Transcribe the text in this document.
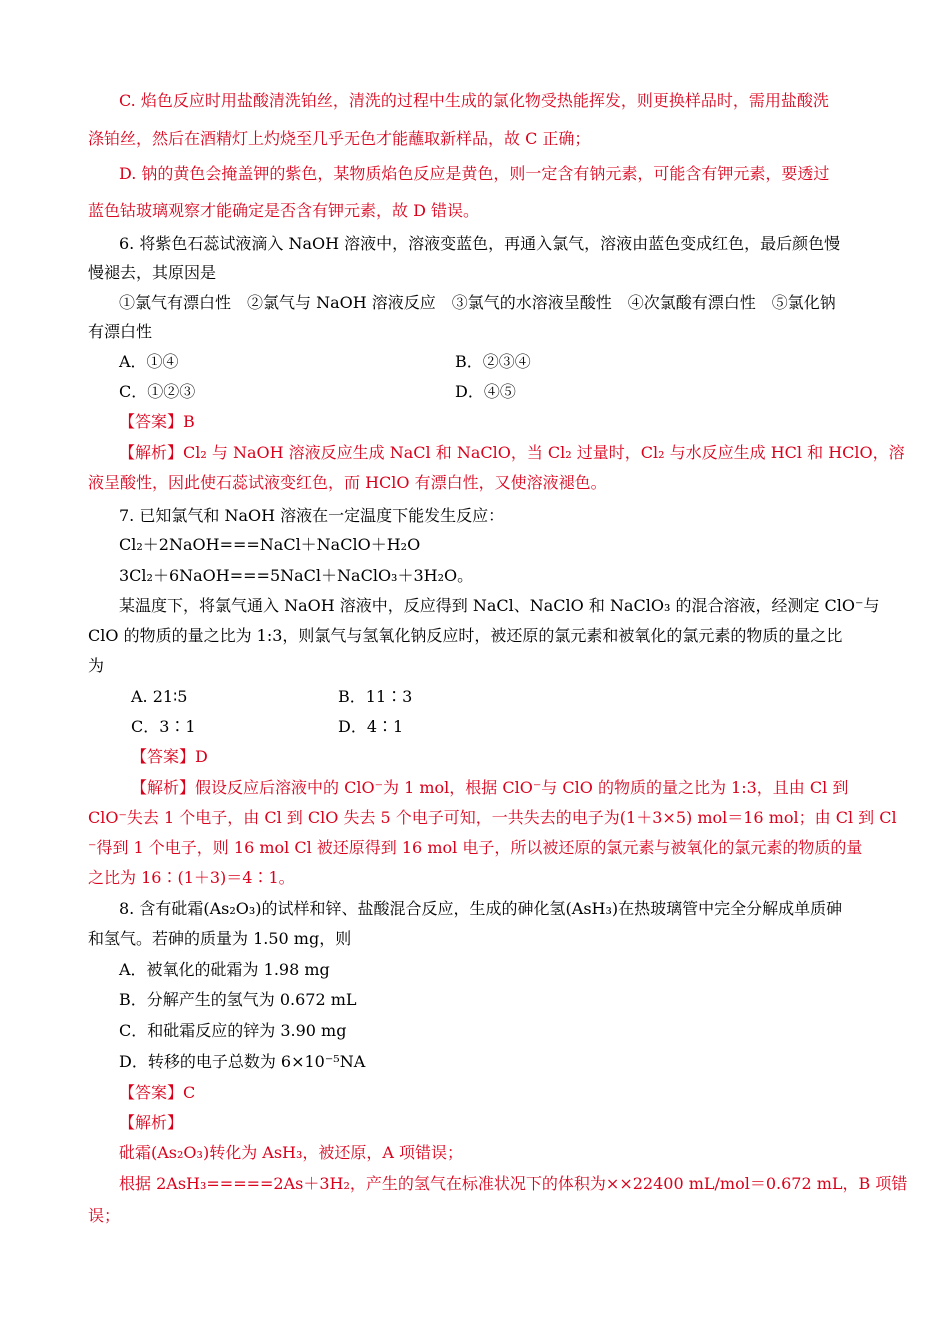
C. 焰色反应时用盐酸清洗铂丝，清洗的过程中生成的氯化物受热能挥发，则更换样品时，需用盐酸洗
涤铂丝，然后在酒精灯上灼烧至几乎无色才能蘸取新样品，故 C 正确；
D. 钠的黄色会掩盖钾的紫色，某物质焰色反应是黄色，则一定含有钠元素，可能含有钾元素，要透过
蓝色钴玻璃观察才能确定是否含有钾元素，故 D 错误。
6. 将紫色石蕊试液滴入 NaOH 溶液中，溶液变蓝色，再通入氯气，溶液由蓝色变成红色，最后颜色慢
慢褪去，其原因是
①氯气有漂白性　②氯气与 NaOH 溶液反应　③氯气的水溶液呈酸性　④次氯酸有漂白性　⑤氯化钠
有漂白性
A．①④	B．②③④
C．①②③	D．④⑤
【答案】B
【解析】Cl₂ 与 NaOH 溶液反应生成 NaCl 和 NaClO，当 Cl₂ 过量时，Cl₂ 与水反应生成 HCl 和 HClO，溶
液呈酸性，因此使石蕊试液变红色，而 HClO 有漂白性，又使溶液褪色。
7. 已知氯气和 NaOH 溶液在一定温度下能发生反应：
Cl₂＋2NaOH===NaCl＋NaClO＋H₂O
3Cl₂＋6NaOH===5NaCl＋NaClO₃＋3H₂O。
某温度下，将氯气通入 NaOH 溶液中，反应得到 NaCl、NaClO 和 NaClO₃ 的混合溶液，经测定 ClO⁻与
ClO 的物质的量之比为 1:3，则氯气与氢氧化钠反应时，被还原的氯元素和被氧化的氯元素的物质的量之比
为
A. 21∶5	B．11∶3
C．3∶1	D．4∶1
【答案】D
【解析】假设反应后溶液中的 ClO⁻为 1 mol，根据 ClO⁻与 ClO 的物质的量之比为 1:3，且由 Cl 到
ClO⁻失去 1 个电子，由 Cl 到 ClO 失去 5 个电子可知，一共失去的电子为(1＋3×5) mol＝16 mol；由 Cl 到 Cl
⁻得到 1 个电子，则 16 mol Cl 被还原得到 16 mol 电子，所以被还原的氯元素与被氧化的氯元素的物质的量
之比为 16∶(1＋3)＝4∶1。
8. 含有砒霜(As₂O₃)的试样和锌、盐酸混合反应，生成的砷化氢(AsH₃)在热玻璃管中完全分解成单质砷
和氢气。若砷的质量为 1.50 mg，则
A．被氧化的砒霜为 1.98 mg
B．分解产生的氢气为 0.672 mL
C．和砒霜反应的锌为 3.90 mg
D．转移的电子总数为 6×10⁻⁵NA
【答案】C
【解析】
砒霜(As₂O₃)转化为 AsH₃，被还原，A 项错误；
根据 2AsH₃=====2As＋3H₂，产生的氢气在标准状况下的体积为××22400 mL/mol＝0.672 mL，B 项错
误；
